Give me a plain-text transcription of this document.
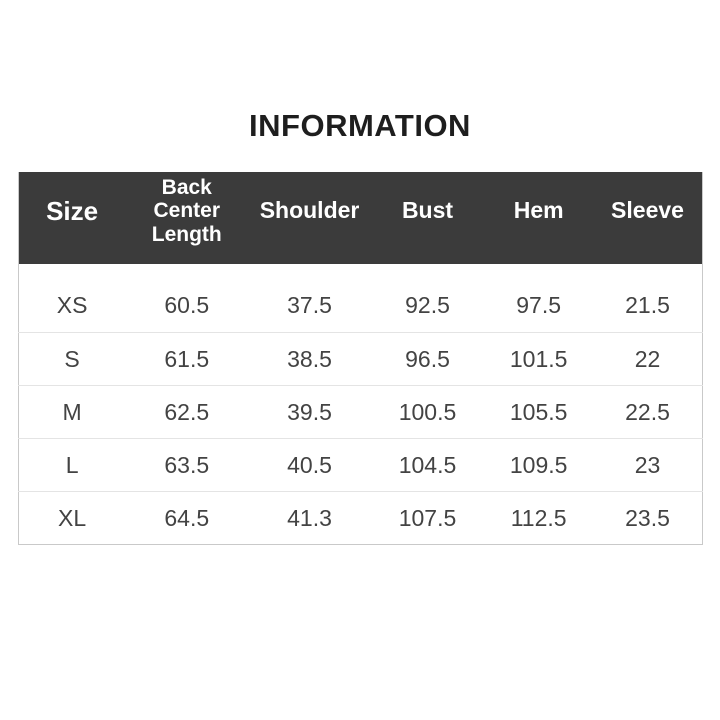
INFORMATION
Size	Back Center Length	Shoulder	Bust	Hem	Sleeve
XS	60.5	37.5	92.5	97.5	21.5
S	61.5	38.5	96.5	101.5	22
M	62.5	39.5	100.5	105.5	22.5
L	63.5	40.5	104.5	109.5	23
XL	64.5	41.3	107.5	112.5	23.5
